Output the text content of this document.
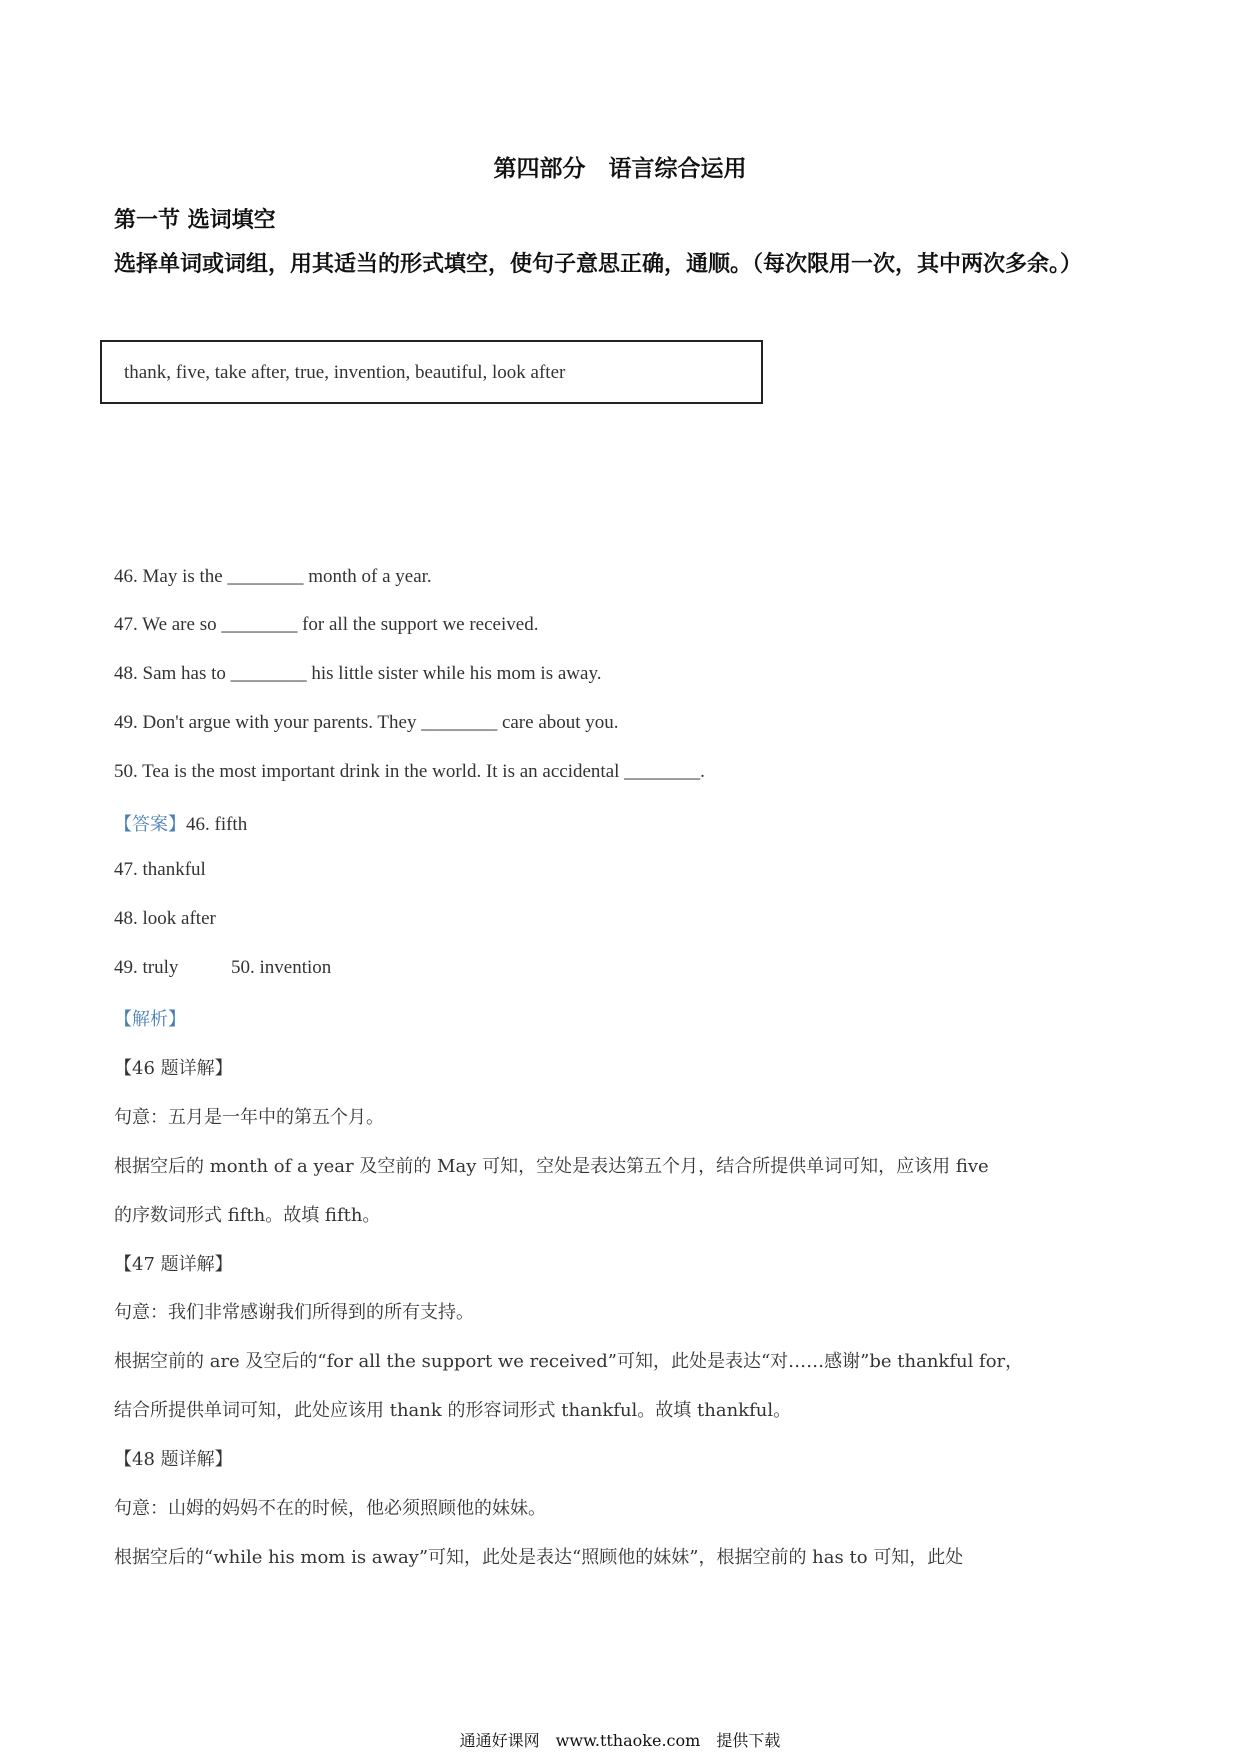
第四部分　语言综合运用
第一节 选词填空
选择单词或词组，用其适当的形式填空，使句子意思正确，通顺。（每次限用一次，其中两次多余。）
thank, five, take after, true, invention, beautiful, look after
46. May is the ________ month of a year.
47. We are so ________ for all the support we received.
48. Sam has to ________ his little sister while his mom is away.
49. Don't argue with your parents. They ________ care about you.
50. Tea is the most important drink in the world. It is an accidental ________.
【答案】46. fifth
47. thankful
48. look after
49. truly	50. invention
【解析】
【46 题详解】
句意：五月是一年中的第五个月。
根据空后的 month of a year 及空前的 May 可知，空处是表达第五个月，结合所提供单词可知，应该用 five
的序数词形式 fifth。故填 fifth。
【47 题详解】
句意：我们非常感谢我们所得到的所有支持。
根据空前的 are 及空后的“for all the support we received”可知，此处是表达“对……感谢”be thankful for，
结合所提供单词可知，此处应该用 thank 的形容词形式 thankful。故填 thankful。
【48 题详解】
句意：山姆的妈妈不在的时候，他必须照顾他的妹妹。
根据空后的“while his mom is away”可知，此处是表达“照顾他的妹妹”，根据空前的 has to 可知，此处
通通好课网　www.tthaoke.com　提供下载
